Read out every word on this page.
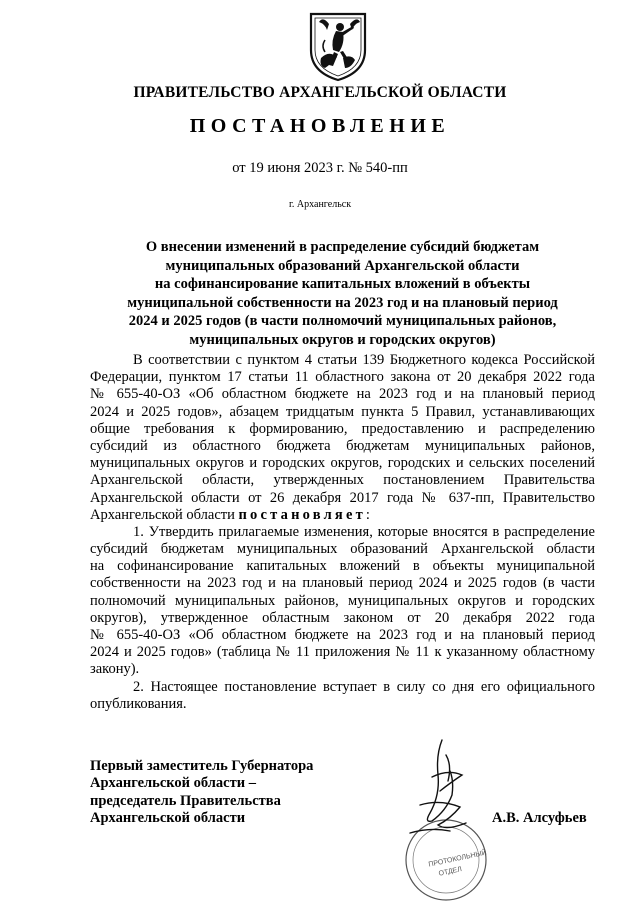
ПРАВИТЕЛЬСТВО АРХАНГЕЛЬСКОЙ ОБЛАСТИ
ПОСТАНОВЛЕНИЕ
от 19 июня 2023 г. № 540-пп
г. Архангельск
О внесении изменений в распределение субсидий бюджетам
муниципальных образований Архангельской области
на софинансирование капитальных вложений в объекты
муниципальной собственности на 2023 год и на плановый период
2024 и 2025 годов (в части полномочий муниципальных районов,
муниципальных округов и городских округов)
В соответствии с пунктом 4 статьи 139 Бюджетного кодекса Российской
Федерации, пунктом 17 статьи 11 областного закона от 20 декабря 2022 года
№ 655-40-ОЗ «Об областном бюджете на 2023 год и на плановый период
2024 и 2025 годов», абзацем тридцатым пункта 5 Правил, устанавливающих
общие требования к формированию, предоставлению и распределению
субсидий из областного бюджета бюджетам муниципальных районов,
муниципальных округов и городских округов, городских и сельских поселений
Архангельской области, утвержденных постановлением Правительства
Архангельской области от 26 декабря 2017 года № 637-пп, Правительство
Архангельской области постановляет:
1. Утвердить прилагаемые изменения, которые вносятся в распределение
субсидий бюджетам муниципальных образований Архангельской области
на софинансирование капитальных вложений в объекты муниципальной
собственности на 2023 год и на плановый период 2024 и 2025 годов (в части
полномочий муниципальных районов, муниципальных округов и городских
округов), утвержденное областным законом от 20 декабря 2022 года
№ 655-40-ОЗ «Об областном бюджете на 2023 год и на плановый период
2024 и 2025 годов» (таблица № 11 приложения № 11 к указанному областному
закону).
2. Настоящее постановление вступает в силу со дня его официального
опубликования.
Первый заместитель Губернатора
Архангельской области –
председатель Правительства
Архангельской области
ПРОТОКОЛЬНЫЙ
ОТДЕЛ
А.В. Алсуфьев
